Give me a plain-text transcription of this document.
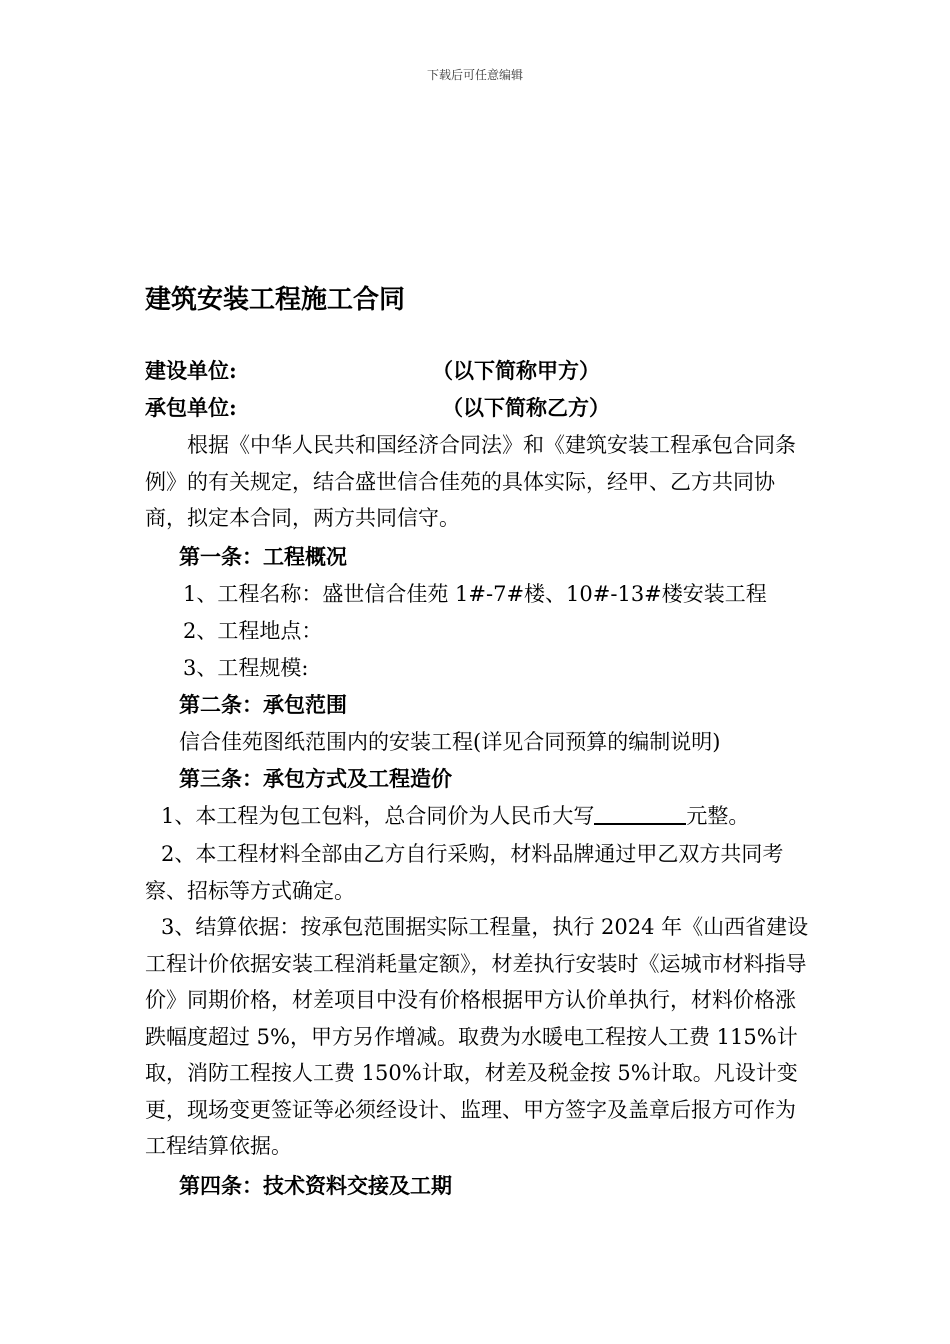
下载后可任意编辑
建筑安装工程施工合同
建设单位:	（以下简称甲方）
承包单位:	（以下简称乙方）
根据《中华人民共和国经济合同法》和《建筑安装工程承包合同条例》的有关规定，结合盛世信合佳苑的具体实际，经甲、乙方共同协商，拟定本合同，两方共同信守。
第一条：工程概况
1、工程名称：盛世信合佳苑 1#-7#楼、10#-13#楼安装工程
2、工程地点：
3、工程规模:
第二条：承包范围
信合佳苑图纸范围内的安装工程(详见合同预算的编制说明)
第三条：承包方式及工程造价
1、本工程为包工包料，总合同价为人民币大写	元整。
2、本工程材料全部由乙方自行采购，材料品牌通过甲乙双方共同考察、招标等方式确定。
3、结算依据：按承包范围据实际工程量，执行 2024 年《山西省建设工程计价依据安装工程消耗量定额》，材差执行安装时《运城市材料指导价》同期价格，材差项目中没有价格根据甲方认价单执行，材料价格涨跌幅度超过 5%，甲方另作增减。取费为水暖电工程按人工费 115%计取，消防工程按人工费 150%计取，材差及税金按 5%计取。凡设计变更，现场变更签证等必须经设计、监理、甲方签字及盖章后报方可作为工程结算依据。
第四条：技术资料交接及工期
